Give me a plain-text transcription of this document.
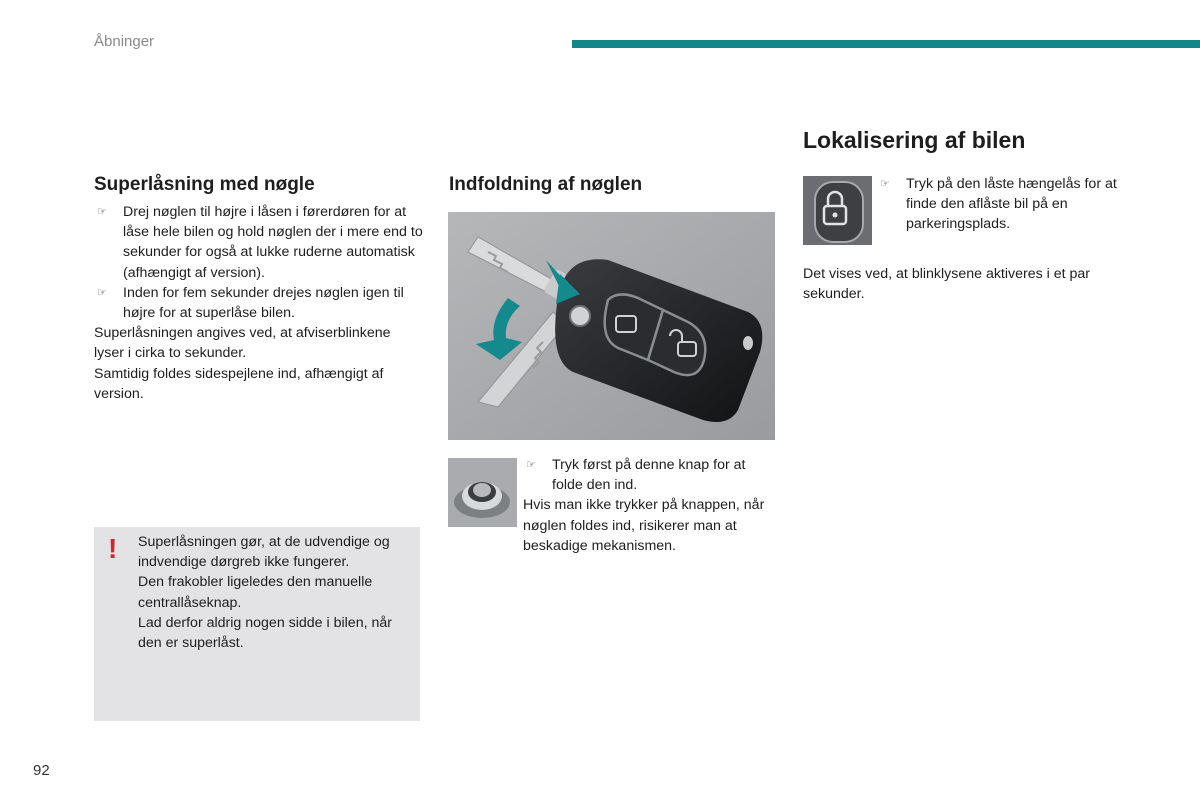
Åbninger
Superlåsning med nøgle
☞ Drej nøglen til højre i låsen i førerdøren for at låse hele bilen og hold nøglen der i mere end to sekunder for også at lukke ruderne automatisk (afhængigt af version).

☞ Inden for fem sekunder drejes nøglen igen til højre for at superlåse bilen.

Superlåsningen angives ved, at afviserblinkene lyser i cirka to sekunder.

Samtidig foldes sidespejlene ind, afhængigt af version.

! Superlåsningen gør, at de udvendige og indvendige dørgreb ikke fungerer.

Den frakobler ligeledes den manuelle centrallåseknap.

Lad derfor aldrig nogen sidde i bilen, når den er superlåst.

Indfoldning af nøglen
☞ Tryk først på denne knap for at folde den ind.

Hvis man ikke trykker på knappen, når nøglen foldes ind, risikerer man at beskadige mekanismen.

Lokalisering af bilen
☞ Tryk på den låste hængelås for at finde den aflåste bil på en parkeringsplads.

Det vises ved, at blinklysene aktiveres i et par sekunder.
92
